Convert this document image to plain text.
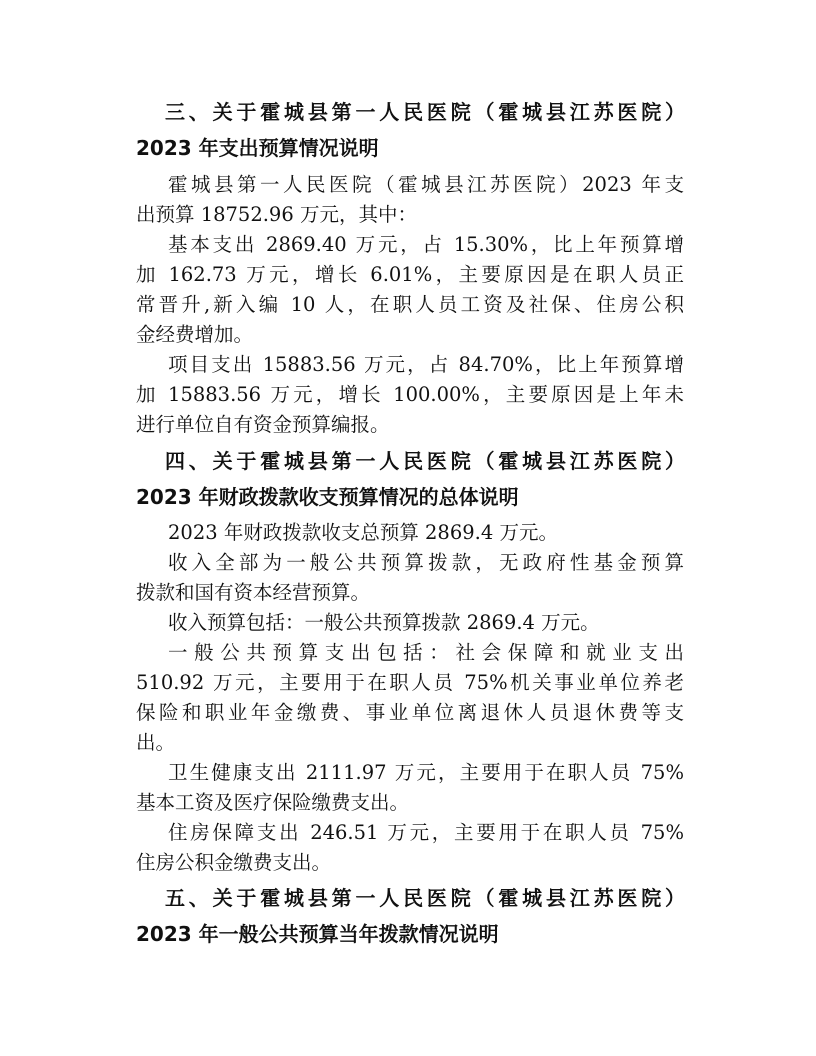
三、关于霍城县第一人民医院（霍城县江苏医院）

2023 年支出预算情况说明

霍城县第一人民医院（霍城县江苏医院）2023 年支

出预算 18752.96 万元，其中：

基本支出 2869.40 万元，占 15.30%，比上年预算增

加 162.73 万元，增长 6.01%，主要原因是在职人员正

常晋升,新入编 10 人，在职人员工资及社保、住房公积

金经费增加。

项目支出 15883.56 万元，占 84.70%，比上年预算增

加 15883.56 万元，增长 100.00%，主要原因是上年未

进行单位自有资金预算编报。

四、关于霍城县第一人民医院（霍城县江苏医院）

2023 年财政拨款收支预算情况的总体说明

2023 年财政拨款收支总预算 2869.4 万元。

收入全部为一般公共预算拨款，无政府性基金预算

拨款和国有资本经营预算。

收入预算包括：一般公共预算拨款 2869.4 万元。

一般公共预算支出包括：社会保障和就业支出

510.92 万元，主要用于在职人员 75%机关事业单位养老

保险和职业年金缴费、事业单位离退休人员退休费等支

出。

卫生健康支出 2111.97 万元，主要用于在职人员 75%

基本工资及医疗保险缴费支出。

住房保障支出 246.51 万元，主要用于在职人员 75%

住房公积金缴费支出。

五、关于霍城县第一人民医院（霍城县江苏医院）

2023 年一般公共预算当年拨款情况说明
